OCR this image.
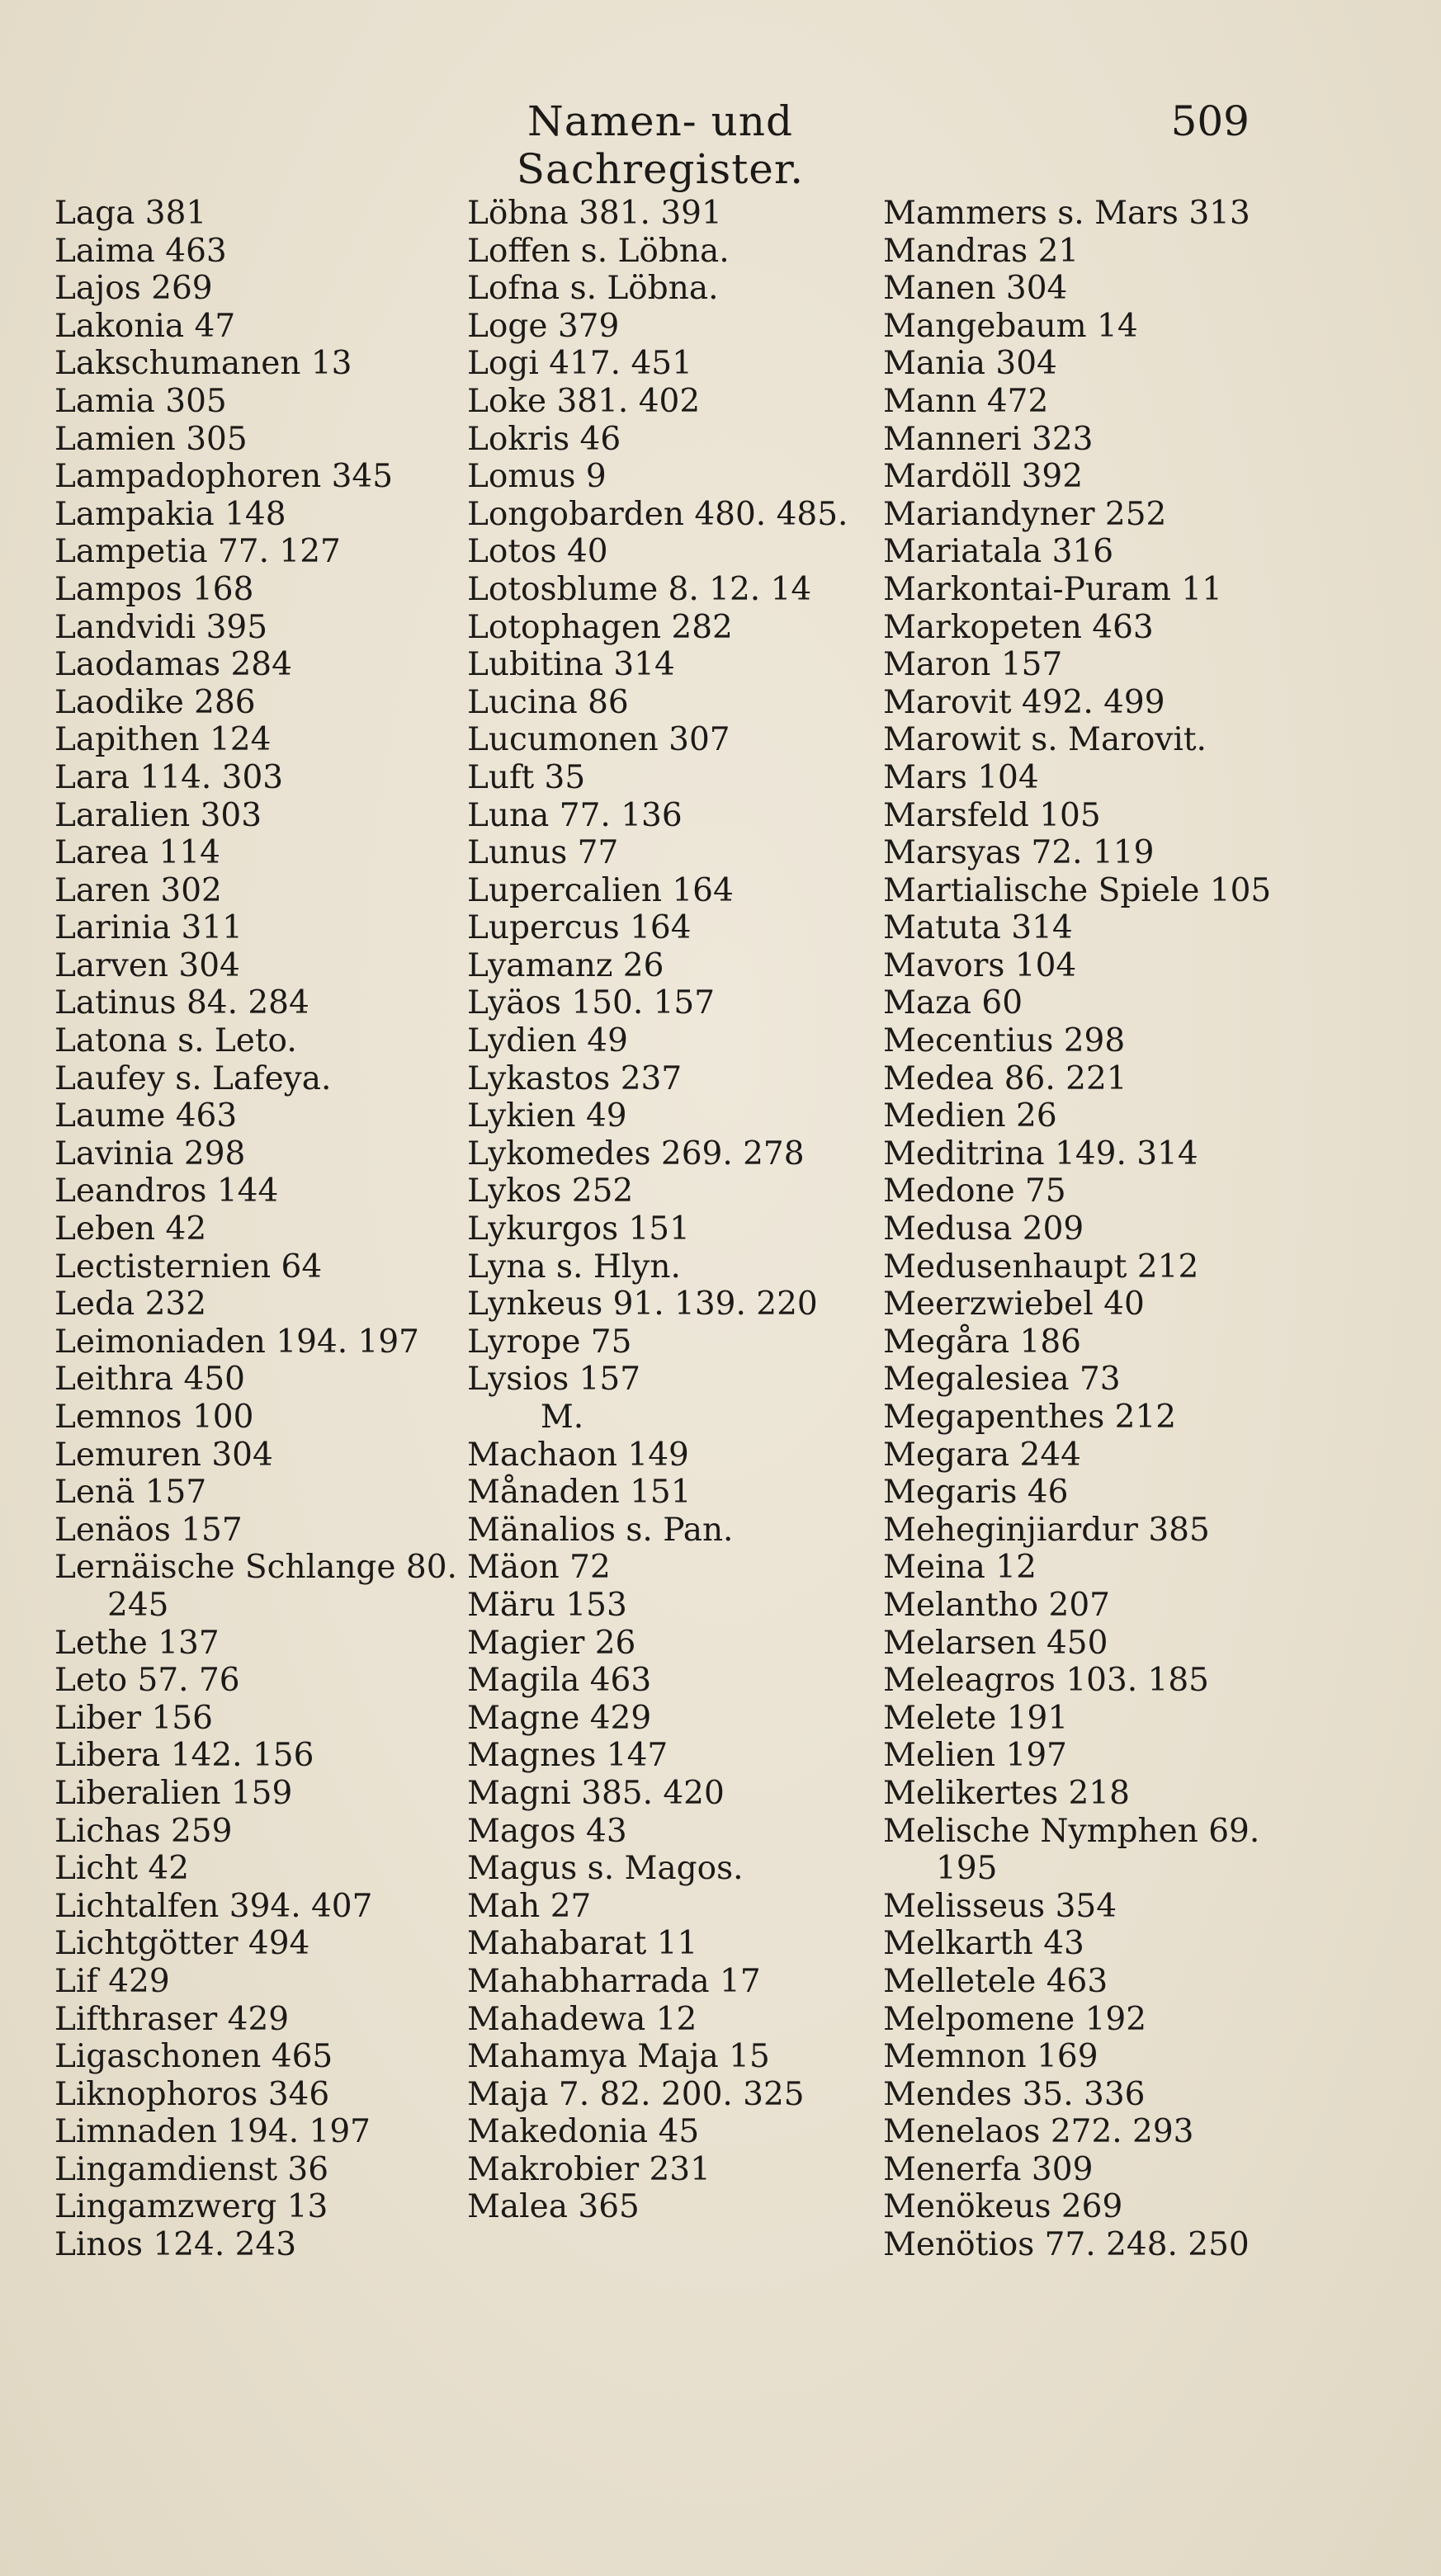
Namen- und Sachregister.
509
Laga 381
Laima 463
Lajos 269
Lakonia 47
Lakschumanen 13
Lamia 305
Lamien 305
Lampadophoren 345
Lampakia 148
Lampetia 77. 127
Lampos 168
Landvidi 395
Laodamas 284
Laodike 286
Lapithen 124
Lara 114. 303
Laralien 303
Larea 114
Laren 302
Larinia 311
Larven 304
Latinus 84. 284
Latona s. Leto.
Laufey s. Lafeya.
Laume 463
Lavinia 298
Leandros 144
Leben 42
Lectisternien 64
Leda 232
Leimoniaden 194. 197
Leithra 450
Lemnos 100
Lemuren 304
Lenä 157
Lenäos 157
Lernäische Schlange 80.
245
Lethe 137
Leto 57. 76
Liber 156
Libera 142. 156
Liberalien 159
Lichas 259
Licht 42
Lichtalfen 394. 407
Lichtgötter 494
Lif 429
Lifthraser 429
Ligaschonen 465
Liknophoros 346
Limnaden 194. 197
Lingamdienst 36
Lingamzwerg 13
Linos 124. 243
Löbna 381. 391
Loffen s. Löbna.
Lofna s. Löbna.
Loge 379
Logi 417. 451
Loke 381. 402
Lokris 46
Lomus 9
Longobarden 480. 485.
Lotos 40
Lotosblume 8. 12. 14
Lotophagen 282
Lubitina 314
Lucina 86
Lucumonen 307
Luft 35
Luna 77. 136
Lunus 77
Lupercalien 164
Lupercus 164
Lyamanz 26
Lyäos 150. 157
Lydien 49
Lykastos 237
Lykien 49
Lykomedes 269. 278
Lykos 252
Lykurgos 151
Lyna s. Hlyn.
Lynkeus 91. 139. 220
Lyrope 75
Lysios 157
M.
Machaon 149
Månaden 151
Mänalios s. Pan.
Mäon 72
Märu 153
Magier 26
Magila 463
Magne 429
Magnes 147
Magni 385. 420
Magos 43
Magus s. Magos.
Mah 27
Mahabarat 11
Mahabharrada 17
Mahadewa 12
Mahamya Maja 15
Maja 7. 82. 200. 325
Makedonia 45
Makrobier 231
Malea 365
Mammers s. Mars 313
Mandras 21
Manen 304
Mangebaum 14
Mania 304
Mann 472
Manneri 323
Mardöll 392
Mariandyner 252
Mariatala 316
Markontai-Puram 11
Markopeten 463
Maron 157
Marovit 492. 499
Marowit s. Marovit.
Mars 104
Marsfeld 105
Marsyas 72. 119
Martialische Spiele 105
Matuta 314
Mavors 104
Maza 60
Mecentius 298
Medea 86. 221
Medien 26
Meditrina 149. 314
Medone 75
Medusa 209
Medusenhaupt 212
Meerzwiebel 40
Megåra 186
Megalesiea 73
Megapenthes 212
Megara 244
Megaris 46
Meheginjiardur 385
Meina 12
Melantho 207
Melarsen 450
Meleagros 103. 185
Melete 191
Melien 197
Melikertes 218
Melische Nymphen 69.
195
Melisseus 354
Melkarth 43
Melletele 463
Melpomene 192
Memnon 169
Mendes 35. 336
Menelaos 272. 293
Menerfa 309
Menökeus 269
Menötios 77. 248. 250
